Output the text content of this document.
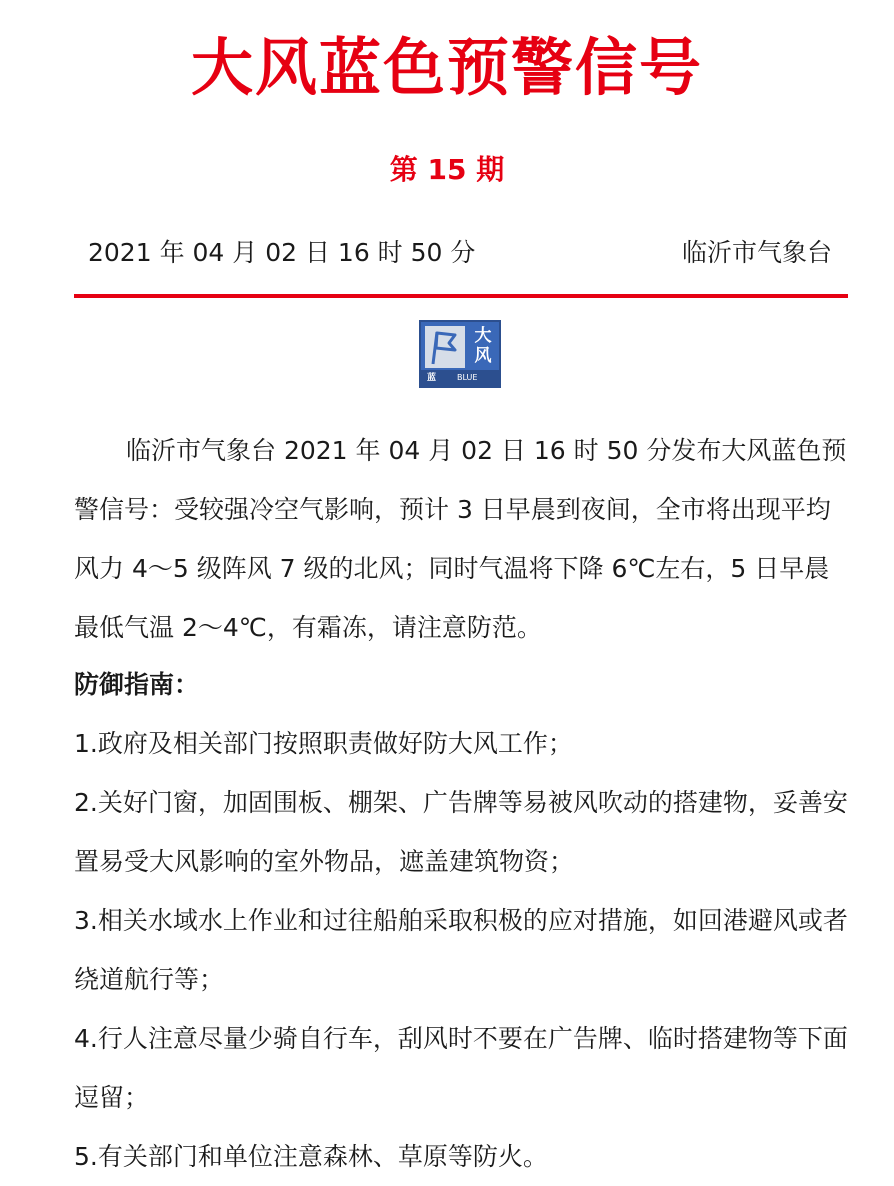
大风蓝色预警信号
第 15 期
2021 年 04 月 02 日 16 时 50 分	临沂市气象台
大风
蓝	BLUE

临沂市气象台 2021 年 04 月 02 日 16 时 50 分发布大风蓝色预警信号：受较强冷空气影响，预计 3 日早晨到夜间，全市将出现平均风力 4～5 级阵风 7 级的北风；同时气温将下降 6℃左右，5 日早晨最低气温 2～4℃，有霜冻，请注意防范。

防御指南：

1.政府及相关部门按照职责做好防大风工作；
2.关好门窗，加固围板、棚架、广告牌等易被风吹动的搭建物，妥善安置易受大风影响的室外物品，遮盖建筑物资；
3.相关水域水上作业和过往船舶采取积极的应对措施，如回港避风或者绕道航行等；
4.行人注意尽量少骑自行车，刮风时不要在广告牌、临时搭建物等下面逗留；
5.有关部门和单位注意森林、草原等防火。
